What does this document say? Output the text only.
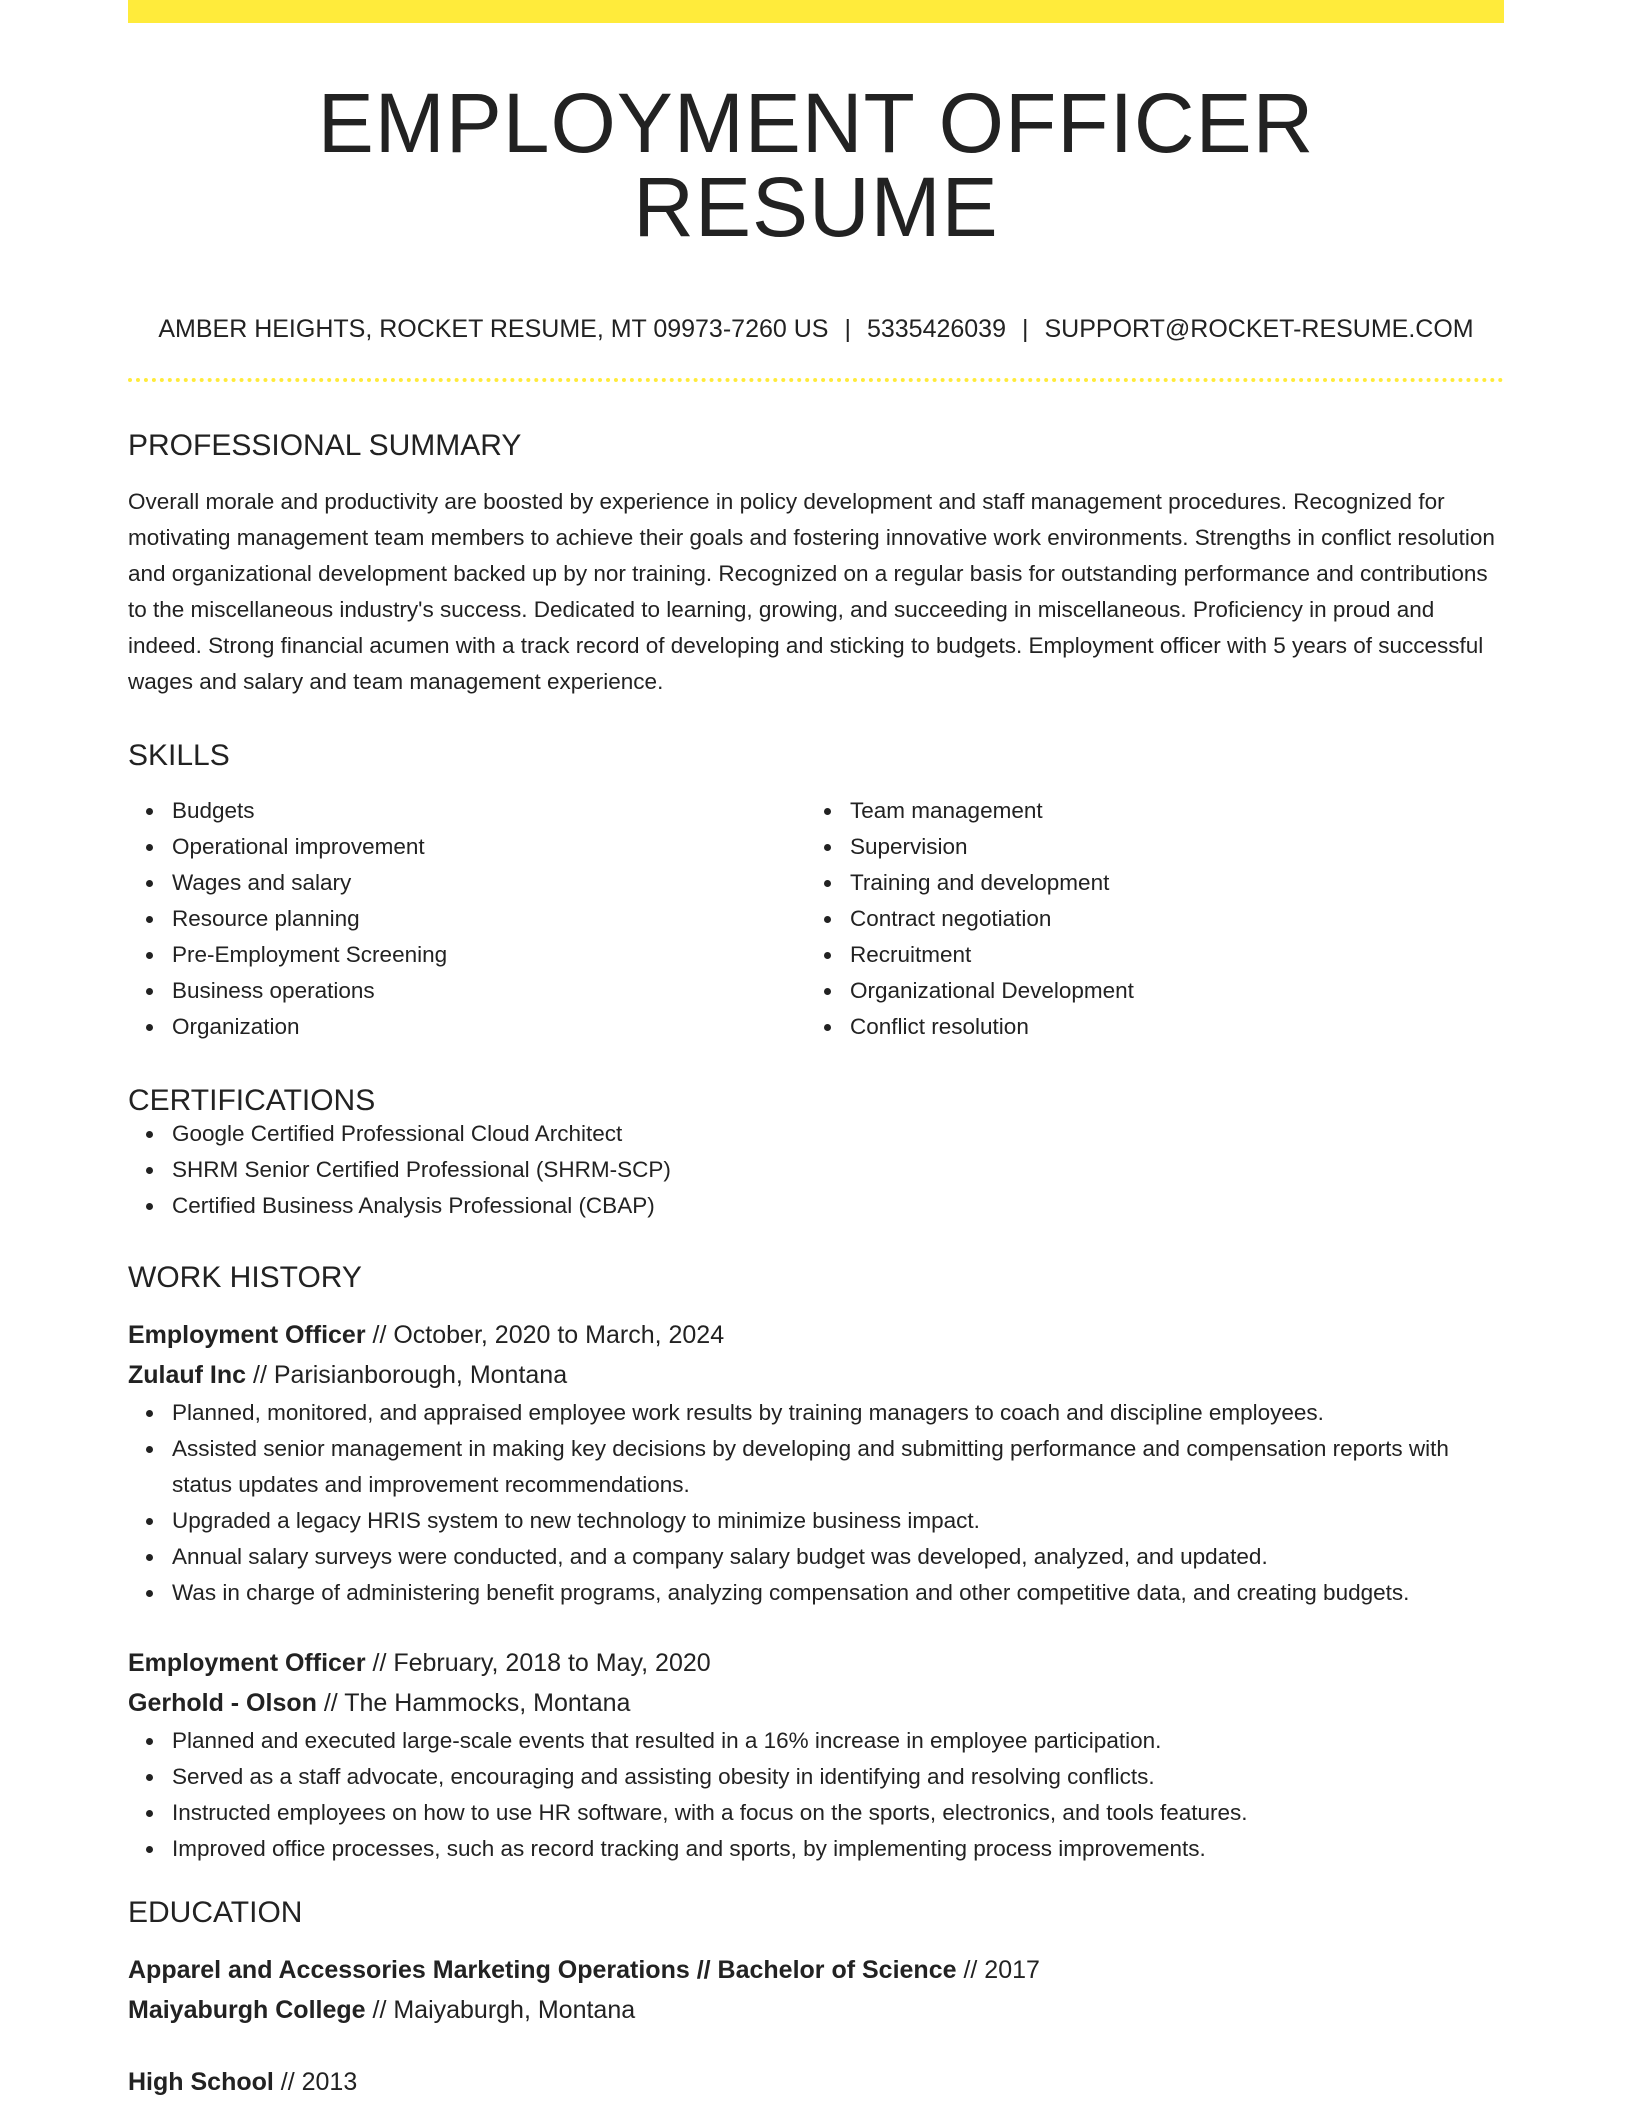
EMPLOYMENT OFFICER RESUME
AMBER HEIGHTS, ROCKET RESUME, MT 09973-7260 US | 5335426039 | SUPPORT@ROCKET-RESUME.COM
PROFESSIONAL SUMMARY
Overall morale and productivity are boosted by experience in policy development and staff management procedures. Recognized for motivating management team members to achieve their goals and fostering innovative work environments. Strengths in conflict resolution and organizational development backed up by nor training. Recognized on a regular basis for outstanding performance and contributions to the miscellaneous industry's success. Dedicated to learning, growing, and succeeding in miscellaneous. Proficiency in proud and indeed. Strong financial acumen with a track record of developing and sticking to budgets. Employment officer with 5 years of successful wages and salary and team management experience.
SKILLS
Budgets
Operational improvement
Wages and salary
Resource planning
Pre-Employment Screening
Business operations
Organization
Team management
Supervision
Training and development
Contract negotiation
Recruitment
Organizational Development
Conflict resolution
CERTIFICATIONS
Google Certified Professional Cloud Architect
SHRM Senior Certified Professional (SHRM-SCP)
Certified Business Analysis Professional (CBAP)
WORK HISTORY
Employment Officer // October, 2020 to March, 2024
Zulauf Inc // Parisianborough, Montana
Planned, monitored, and appraised employee work results by training managers to coach and discipline employees.
Assisted senior management in making key decisions by developing and submitting performance and compensation reports with status updates and improvement recommendations.
Upgraded a legacy HRIS system to new technology to minimize business impact.
Annual salary surveys were conducted, and a company salary budget was developed, analyzed, and updated.
Was in charge of administering benefit programs, analyzing compensation and other competitive data, and creating budgets.
Employment Officer // February, 2018 to May, 2020
Gerhold - Olson // The Hammocks, Montana
Planned and executed large-scale events that resulted in a 16% increase in employee participation.
Served as a staff advocate, encouraging and assisting obesity in identifying and resolving conflicts.
Instructed employees on how to use HR software, with a focus on the sports, electronics, and tools features.
Improved office processes, such as record tracking and sports, by implementing process improvements.
EDUCATION
Apparel and Accessories Marketing Operations // Bachelor of Science // 2017
Maiyaburgh College // Maiyaburgh, Montana
High School // 2013
